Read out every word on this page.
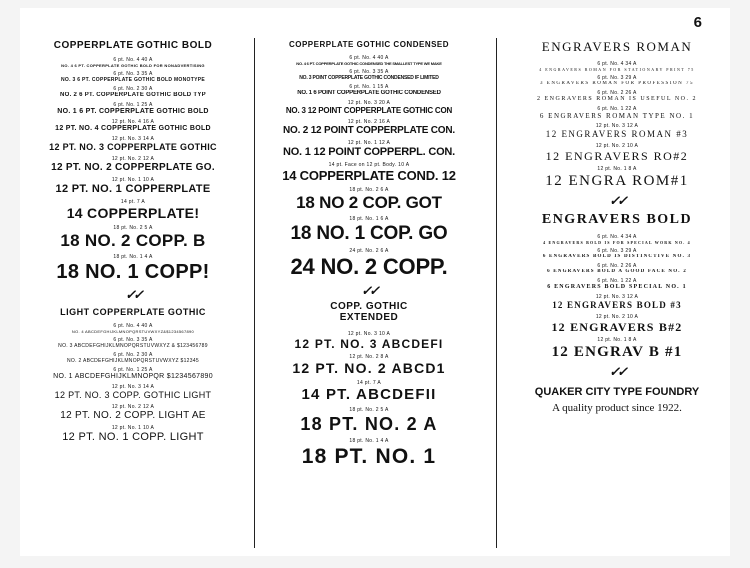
6
COPPERPLATE GOTHIC BOLD
6 pt. No. 4 40 A
NO. 4 6 PT. COPPERPLATE GOTHIC BOLD FOR NONADVERTISING
6 pt. No. 3 35 A
NO. 3 6 PT. COPPERPLATE GOTHIC BOLD MONOTYPE
6 pt. No. 2 30 A
NO. 2 6 PT. COPPERPLATE GOTHIC BOLD TYP
6 pt. No. 1 25 A
NO. 1 6 PT. COPPERPLATE GOTHIC BOLD
12 pt. No. 4 16 A
12 PT. NO. 4 COPPERPLATE GOTHIC BOLD
12 pt. No. 3 14 A
12 PT. NO. 3 COPPERPLATE GOTHIC
12 pt. No. 2 12 A
12 PT. NO. 2 COPPERPLATE GO.
12 pt. No. 1 10 A
12 PT. NO. 1 COPPERPLATE
14 pt. 7 A
14 COPPERPLATE!
18 pt. No. 2 5 A
18 NO. 2 COPP. B
18 pt. No. 1 4 A
18 NO. 1 COPP!
✓✓
LIGHT COPPERPLATE GOTHIC
6 pt. No. 4 40 A
NO. 4 ABCDEFGHIJKLMNOPQRSTUVWXYZ&$1234567890
6 pt. No. 3 35 A
NO. 3 ABCDEFGHIJKLMNOPQRSTUVWXYZ & $123456789
6 pt. No. 2 30 A
NO. 2 ABCDEFGHIJKLMNOPQRSTUVWXYZ $12345
6 pt. No. 1 25 A
NO. 1 ABCDEFGHIJKLMNOPQR $1234567890
12 pt. No. 3 14 A
12 PT. NO. 3 COPP. GOTHIC LIGHT
12 pt. No. 2 12 A
12 PT. NO. 2 COPP. LIGHT AE
12 pt. No. 1 10 A
12 PT. NO. 1 COPP. LIGHT
COPPERPLATE GOTHIC CONDENSED
6 pt. No. 4 40 A
NO. 4 6 PT. COPPERPLATE GOTHIC CONDENSED THE SMALLEST TYPE WE MAKE
6 pt. No. 3 35 A
NO. 3 POINT COPPERPLATE GOTHIC CONDENSED IF LIMITED
6 pt. No. 1 15 A
NO. 1 6 POINT COPPERPLATE GOTHIC CONDENSED
12 pt. No. 3 20 A
NO. 3 12 POINT COPPERPLATE GOTHIC CON
12 pt. No. 2 16 A
NO. 2 12 POINT COPPERPLATE CON.
12 pt. No. 1 12 A
NO. 1 12 POINT COPPERPL. CON.
14 pt. Face on 12 pt. Body. 10 A
14 COPPERPLATE COND. 12
18 pt. No. 2 6 A
18 NO 2 COP. GOT
18 pt. No. 1 6 A
18 NO. 1 COP. GO
24 pt. No. 2 6 A
24 NO. 2 COPP.
✓✓
COPP. GOTHIC EXTENDED
12 pt. No. 3 10 A
12 PT. NO. 3 ABCDEFI
12 pt. No. 2 8 A
12 PT. NO. 2 ABCD1
14 pt. 7 A
14 PT. ABCDEFII
18 pt. No. 2 5 A
18 PT. NO. 2 A
18 pt. No. 1 4 A
18 PT. NO. 1
ENGRAVERS ROMAN
6 pt. No. 4 34 A
4 ENGRAVERS ROMAN FOR STATIONARY PRINT 75
6 pt. No. 3 29 A
3 ENGRAVERS ROMAN FOR PROFESSION 75
6 pt. No. 2 26 A
2 ENGRAVERS ROMAN IS USEFUL NO. 2
6 pt. No. 1 22 A
6 ENGRAVERS ROMAN TYPE NO. 1
12 pt. No. 3 12 A
12 ENGRAVERS ROMAN #3
12 pt. No. 2 10 A
12 ENGRAVERS RO#2
12 pt. No. 1 8 A
12 ENGRA ROM#1
✓✓
ENGRAVERS BOLD
6 pt. No. 4 34 A
4 ENGRAVERS BOLD IS FOR SPECIAL WORK NO. 4
6 pt. No. 3 29 A
6 ENGRAVERS BOLD IS DISTINCTIVE NO. 3
6 pt. No. 2 26 A
6 ENGRAVERS BOLD A GOOD FACE NO. 2
6 pt. No. 1 22 A
6 ENGRAVERS BOLD SPECIAL NO. 1
12 pt. No. 3 12 A
12 ENGRAVERS BOLD #3
12 pt. No. 2 10 A
12 ENGRAVERS B#2
12 pt. No. 1 8 A
12 ENGRAV B #1
✓✓
QUAKER CITY TYPE FOUNDRY
A quality product since 1922.
